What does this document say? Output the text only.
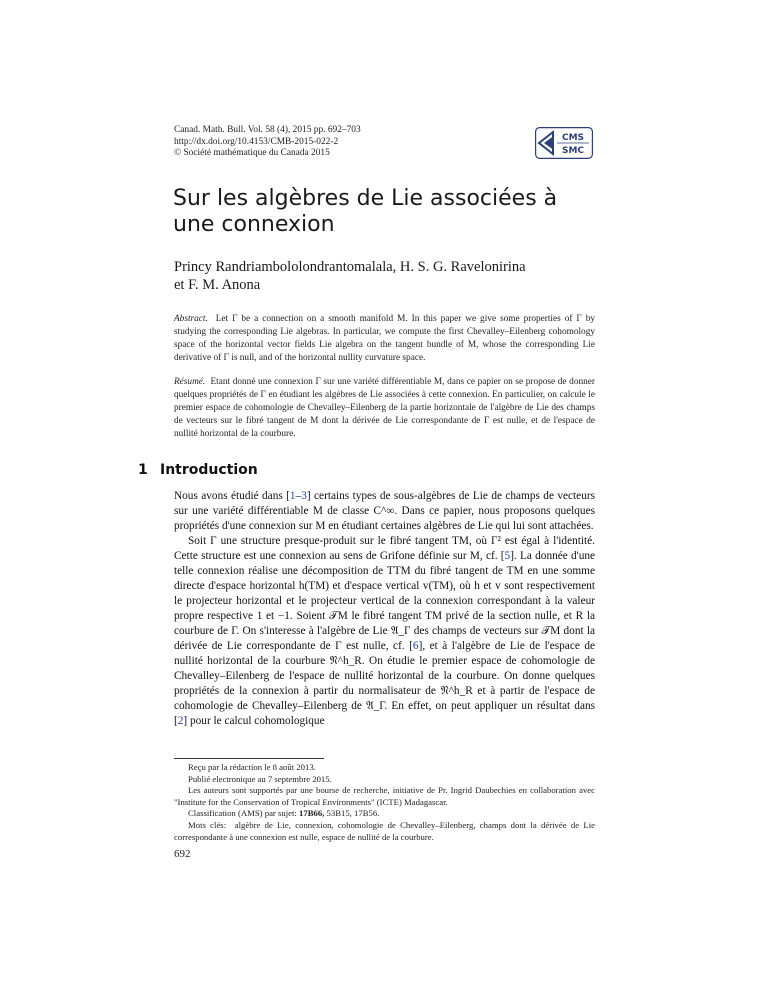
Canad. Math. Bull. Vol. 58 (4), 2015 pp. 692–703
http://dx.doi.org/10.4153/CMB-2015-022-2
© Société mathématique du Canada 2015
CMS
SMC
Sur les algèbres de Lie associées à une connexion
Princy Randriambololondrantomalala, H. S. G. Ravelonirina
et F. M. Anona

Abstract. Let Γ be a connection on a smooth manifold M. In this paper we give some properties of Γ by studying the corresponding Lie algebras. In particular, we compute the first Chevalley–Eilenberg cohomology space of the horizontal vector fields Lie algebra on the tangent bundle of M, whose the corresponding Lie derivative of Γ is null, and of the horizontal nullity curvature space.

Résumé. Etant donné une connexion Γ sur une variété différentiable M, dans ce papier on se propose de donner quelques propriétés de Γ en étudiant les algèbres de Lie associées à cette connexion. En particulier, on calcule le premier espace de cohomologie de Chevalley–Eilenberg de la partie horizontale de l'algèbre de Lie des champs de vecteurs sur le fibré tangent de M dont la dérivée de Lie correspondante de Γ est nulle, et de l'espace de nullité horizontal de la courbure.

1 Introduction

Nous avons étudié dans [1–3] certains types de sous-algèbres de Lie de champs de vecteurs sur une variété différentiable M de classe C^∞. Dans ce papier, nous proposons quelques propriétés d'une connexion sur M en étudiant certaines algèbres de Lie qui lui sont attachées.

Soit Γ une structure presque-produit sur le fibré tangent TM, où Γ² est égal à l'identité. Cette structure est une connexion au sens de Grifone définie sur M, cf. [5]. La donnée d'une telle connexion réalise une décomposition de TTM du fibré tangent de TM en une somme directe d'espace horizontal h(TM) et d'espace vertical v(TM), où h et v sont respectivement le projecteur horizontal et le projecteur vertical de la connexion correspondant à la valeur propre respective 1 et −1. Soient 𝒯M le fibré tangent TM privé de la section nulle, et R la courbure de Γ. On s'interesse à l'algèbre de Lie 𝔄_Γ des champs de vecteurs sur 𝒯M dont la dérivée de Lie correspondante de Γ est nulle, cf. [6], et à l'algèbre de Lie de l'espace de nullité horizontal de la courbure 𝔑^h_R. On étudie le premier espace de cohomologie de Chevalley–Eilenberg de l'espace de nullité horizontal de la courbure. On donne quelques propriétés de la connexion à partir du normalisateur de 𝔑^h_R et à partir de l'espace de cohomologie de Chevalley–Eilenberg de 𝔄_Γ. En effet, on peut appliquer un résultat dans [2] pour le calcul cohomologique

Reçu par la rédaction le 8 août 2013.

Publié electronique au 7 septembre 2015.

Les auteurs sont supportés par une bourse de recherche, initiative de Pr. Ingrid Daubechies en collaboration avec "Institute for the Conservation of Tropical Environments" (ICTE) Madagascar.

Classification (AMS) par sujet: 17B66, 53B15, 17B56.

Mots clés: algèbre de Lie, connexion, cohomologie de Chevalley–Eilenberg, champs dont la dérivée de Lie correspondante à une connexion est nulle, espace de nullité de la courbure.

692
